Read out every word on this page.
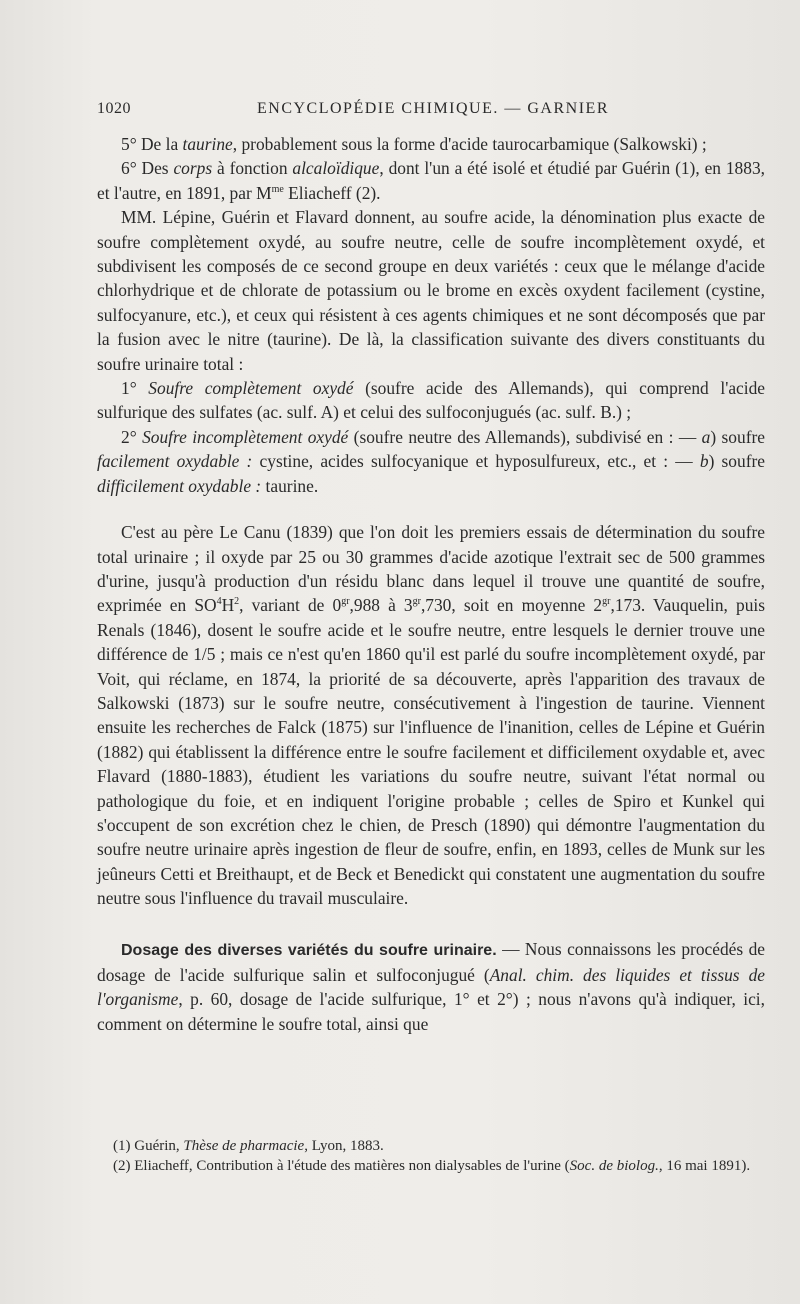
1020	ENCYCLOPÉDIE CHIMIQUE. — GARNIER

5° De la taurine, probablement sous la forme d'acide taurocarbamique (Salkowski) ;

6° Des corps à fonction alcaloïdique, dont l'un a été isolé et étudié par Guérin (1), en 1883, et l'autre, en 1891, par $M^{me}$ Eliacheff (2).

MM. Lépine, Guérin et Flavard donnent, au soufre acide, la dénomination plus exacte de soufre complètement oxydé, au soufre neutre, celle de soufre incomplètement oxydé, et subdivisent les composés de ce second groupe en deux variétés : ceux que le mélange d'acide chlorhydrique et de chlorate de potassium ou le brome en excès oxydent facilement (cystine, sulfocyanure, etc.), et ceux qui résistent à ces agents chimiques et ne sont décomposés que par la fusion avec le nitre (taurine). De là, la classification suivante des divers constituants du soufre urinaire total :

1° Soufre complètement oxydé (soufre acide des Allemands), qui comprend l'acide sulfurique des sulfates (ac. sulf. A) et celui des sulfoconjugués (ac. sulf. B.) ;

2° Soufre incomplètement oxydé (soufre neutre des Allemands), subdivisé en : — a) soufre facilement oxydable : cystine, acides sulfocyanique et hyposulfureux, etc., et : — b) soufre difficilement oxydable : taurine.

C'est au père Le Canu (1839) que l'on doit les premiers essais de détermination du soufre total urinaire ; il oxyde par 25 ou 30 grammes d'acide azotique l'extrait sec de 500 grammes d'urine, jusqu'à production d'un résidu blanc dans lequel il trouve une quantité de soufre, exprimée en $SO^4H^2$, variant de $0^{gr},988$ à $3^{gr},730$, soit en moyenne $2^{gr},173$. Vauquelin, puis Renals (1846), dosent le soufre acide et le soufre neutre, entre lesquels le dernier trouve une différence de 1/5 ; mais ce n'est qu'en 1860 qu'il est parlé du soufre incomplètement oxydé, par Voit, qui réclame, en 1874, la priorité de sa découverte, après l'apparition des travaux de Salkowski (1873) sur le soufre neutre, consécutivement à l'ingestion de taurine. Viennent ensuite les recherches de Falck (1875) sur l'influence de l'inanition, celles de Lépine et Guérin (1882) qui établissent la différence entre le soufre facilement et difficilement oxydable et, avec Flavard (1880-1883), étudient les variations du soufre neutre, suivant l'état normal ou pathologique du foie, et en indiquent l'origine probable ; celles de Spiro et Kunkel qui s'occupent de son excrétion chez le chien, de Presch (1890) qui démontre l'augmentation du soufre neutre urinaire après ingestion de fleur de soufre, enfin, en 1893, celles de Munk sur les jeûneurs Cetti et Breithaupt, et de Beck et Benedickt qui constatent une augmentation du soufre neutre sous l'influence du travail musculaire.

Dosage des diverses variétés du soufre urinaire. — Nous connaissons les procédés de dosage de l'acide sulfurique salin et sulfoconjugué (Anal. chim. des liquides et tissus de l'organisme, p. 60, dosage de l'acide sulfurique, 1° et 2°) ; nous n'avons qu'à indiquer, ici, comment on détermine le soufre total, ainsi que

(1) Guérin, Thèse de pharmacie, Lyon, 1883.

(2) Eliacheff, Contribution à l'étude des matières non dialysables de l'urine (Soc. de biolog., 16 mai 1891).
